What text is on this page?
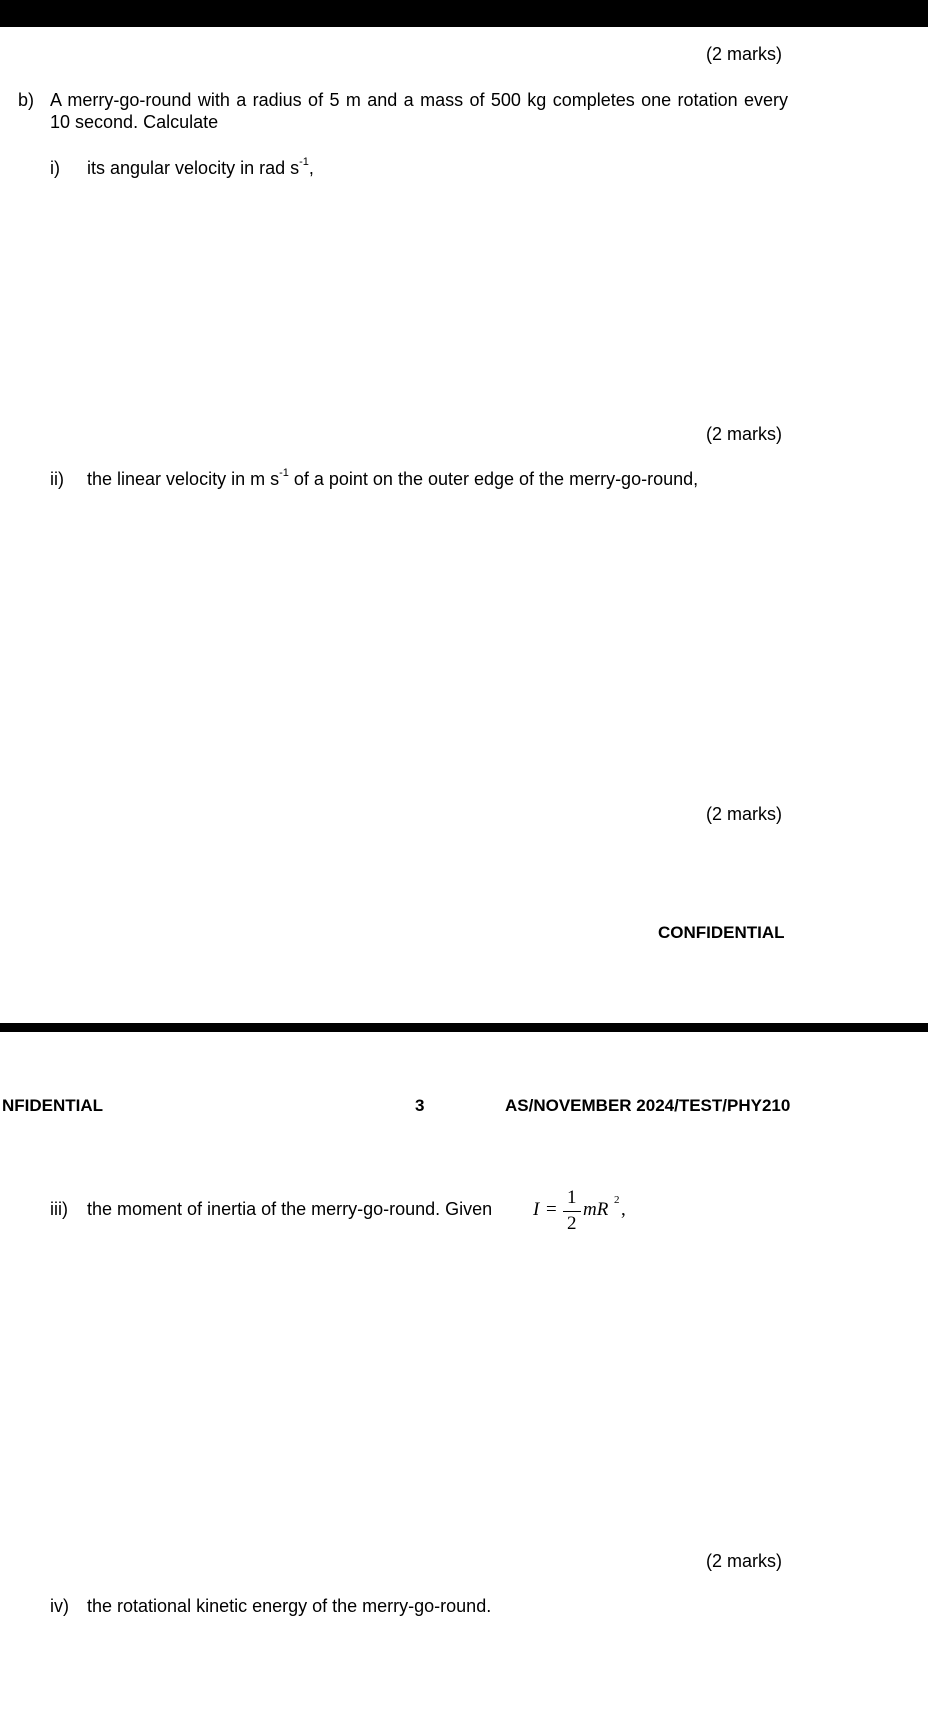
(2 marks)
b) A merry-go-round with a radius of 5 m and a mass of 500 kg completes one rotation every 10 second. Calculate
i) its angular velocity in rad $s^{-1}$,
(2 marks)
ii) the linear velocity in m $s^{-1}$ of a point on the outer edge of the merry-go-round,
(2 marks)
CONFIDENTIAL
NFIDENTIAL	3	AS/NOVEMBER 2024/TEST/PHY210
iii) the moment of inertia of the merry-go-round. Given I =
1
2
mR 2 ,
(2 marks)
iv) the rotational kinetic energy of the merry-go-round.
